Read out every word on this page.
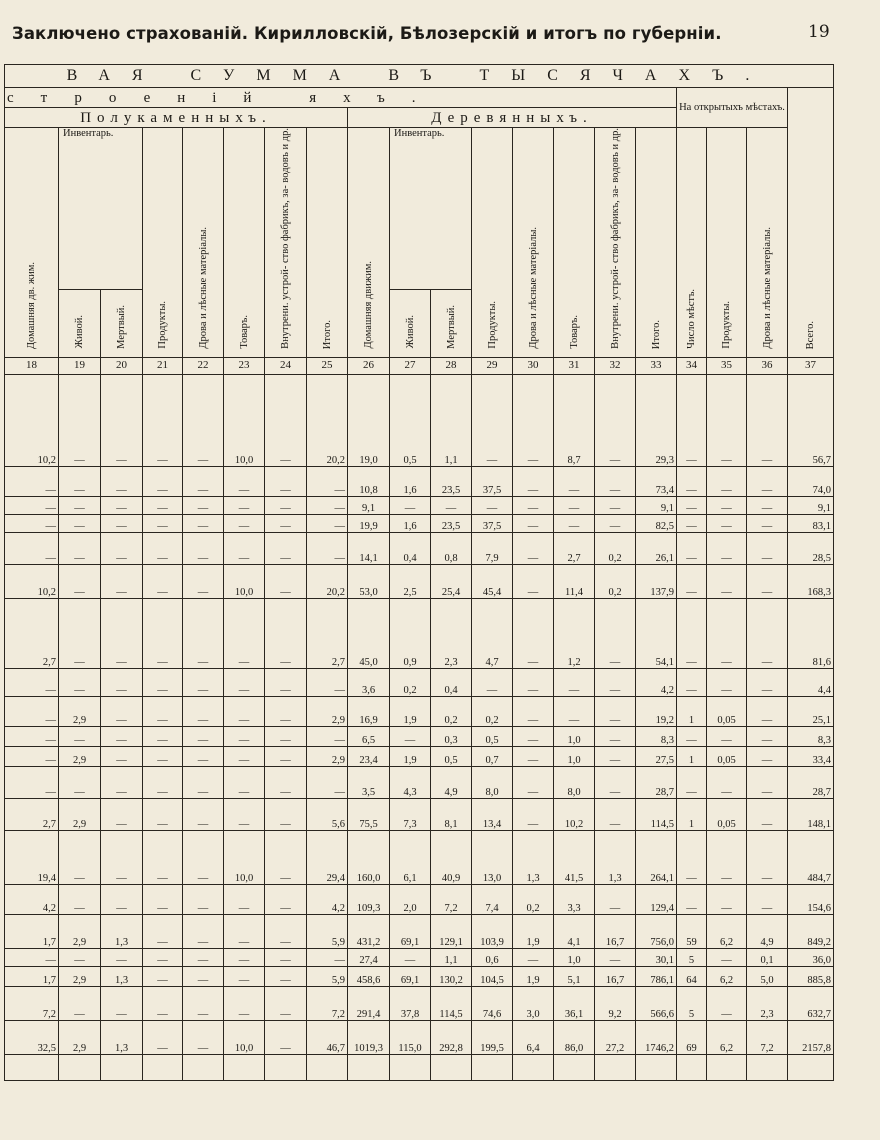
Заключено страхованій. Кирилловскій, Бѣлозерскій и итогъ по губерніи.	19
ВАЯ СУММА ВЪ ТЫСЯЧАХЪ.																			
строеній яхъ.																На открытыхъ мѣстахъ.			Всего.
Полукаменныхъ.								Деревянныхъ.											
Домашняя дв. жим.	Инвентарь.		Продукты.	Дрова и лѣсные матеріалы.	Товаръ.	Внутрени. устрой- ство фабрикъ, за- водовъ и др.	Итого.	Домашняя движим.	Инвентарь.		Продукты.	Дрова и лѣсные матеріалы.	Товаръ.	Внутрени. устрой- ство фабрикъ, за- водовъ и др.	Итого.	Число мѣстъ.	Продукты.	Дрова и лѣсные матеріалы.	
	Живой.	Мертвый.							Живой.	Мертвый.									
18	19	20	21	22	23	24	25	26	27	28	29	30	31	32	33	34	35	36	37
10,2	—	—	—	—	10,0	—	20,2	19,0	0,5	1,1	—	—	8,7	—	29,3	—	—	—	56,7
—	—	—	—	—	—	—	—	10,8	1,6	23,5	37,5	—	—	—	73,4	—	—	—	74,0
—	—	—	—	—	—	—	—	9,1	—	—	—	—	—	—	9,1	—	—	—	9,1
—	—	—	—	—	—	—	—	19,9	1,6	23,5	37,5	—	—	—	82,5	—	—	—	83,1
—	—	—	—	—	—	—	—	14,1	0,4	0,8	7,9	—	2,7	0,2	26,1	—	—	—	28,5
10,2	—	—	—	—	10,0	—	20,2	53,0	2,5	25,4	45,4	—	11,4	0,2	137,9	—	—	—	168,3
2,7	—	—	—	—	—	—	2,7	45,0	0,9	2,3	4,7	—	1,2	—	54,1	—	—	—	81,6
—	—	—	—	—	—	—	—	3,6	0,2	0,4	—	—	—	—	4,2	—	—	—	4,4
—	2,9	—	—	—	—	—	2,9	16,9	1,9	0,2	0,2	—	—	—	19,2	1	0,05	—	25,1
—	—	—	—	—	—	—	—	6,5	—	0,3	0,5	—	1,0	—	8,3	—	—	—	8,3
—	2,9	—	—	—	—	—	2,9	23,4	1,9	0,5	0,7	—	1,0	—	27,5	1	0,05	—	33,4
—	—	—	—	—	—	—	—	3,5	4,3	4,9	8,0	—	8,0	—	28,7	—	—	—	28,7
2,7	2,9	—	—	—	—	—	5,6	75,5	7,3	8,1	13,4	—	10,2	—	114,5	1	0,05	—	148,1
19,4	—	—	—	—	10,0	—	29,4	160,0	6,1	40,9	13,0	1,3	41,5	1,3	264,1	—	—	—	484,7
4,2	—	—	—	—	—	—	4,2	109,3	2,0	7,2	7,4	0,2	3,3	—	129,4	—	—	—	154,6
1,7	2,9	1,3	—	—	—	—	5,9	431,2	69,1	129,1	103,9	1,9	4,1	16,7	756,0	59	6,2	4,9	849,2
—	—	—	—	—	—	—	—	27,4	—	1,1	0,6	—	1,0	—	30,1	5	—	0,1	36,0
1,7	2,9	1,3	—	—	—	—	5,9	458,6	69,1	130,2	104,5	1,9	5,1	16,7	786,1	64	6,2	5,0	885,8
7,2	—	—	—	—	—	—	7,2	291,4	37,8	114,5	74,6	3,0	36,1	9,2	566,6	5	—	2,3	632,7
32,5	2,9	1,3	—	—	10,0	—	46,7	1019,3	115,0	292,8	199,5	6,4	86,0	27,2	1746,2	69	6,2	7,2	2157,8
